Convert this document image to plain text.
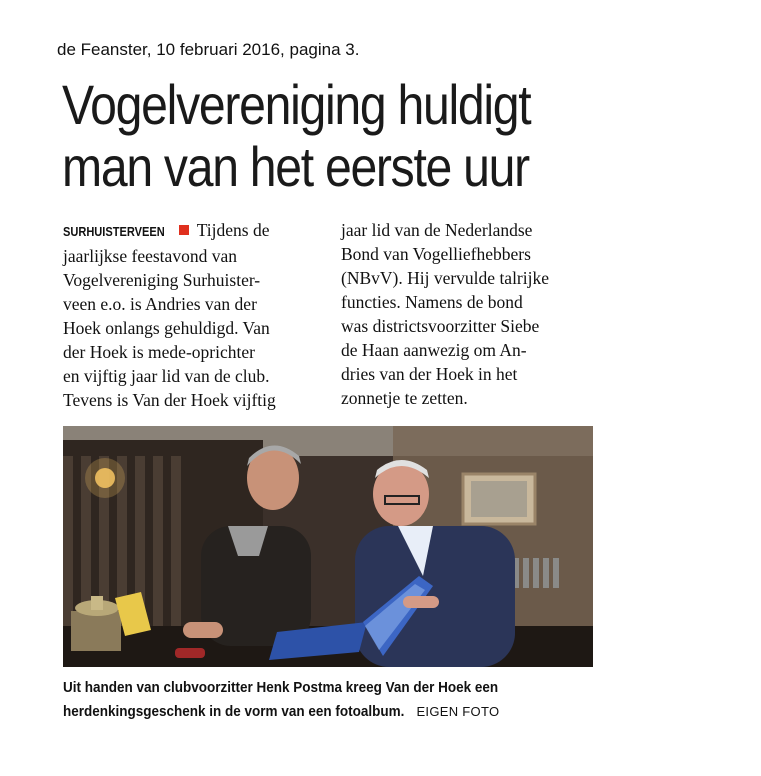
de Feanster, 10 februari 2016, pagina 3.
Vogelvereniging huldigt
man van het eerste uur
SURHUISTERVEEN Tijdens de
jaarlijkse feestavond van
Vogelvereniging Surhuister-
veen e.o. is Andries van der
Hoek onlangs gehuldigd. Van
der Hoek is mede-oprichter
en vijftig jaar lid van de club.
Tevens is Van der Hoek vijftig
jaar lid van de Nederlandse
Bond van Vogelliefhebbers
(NBvV). Hij vervulde talrijke
functies. Namens de bond
was districtsvoorzitter Siebe
de Haan aanwezig om An-
dries van der Hoek in het
zonnetje te zetten.
Uit handen van clubvoorzitter Henk Postma kreeg Van der Hoek een
herdenkingsgeschenk in de vorm van een fotoalbum. EIGEN FOTO
